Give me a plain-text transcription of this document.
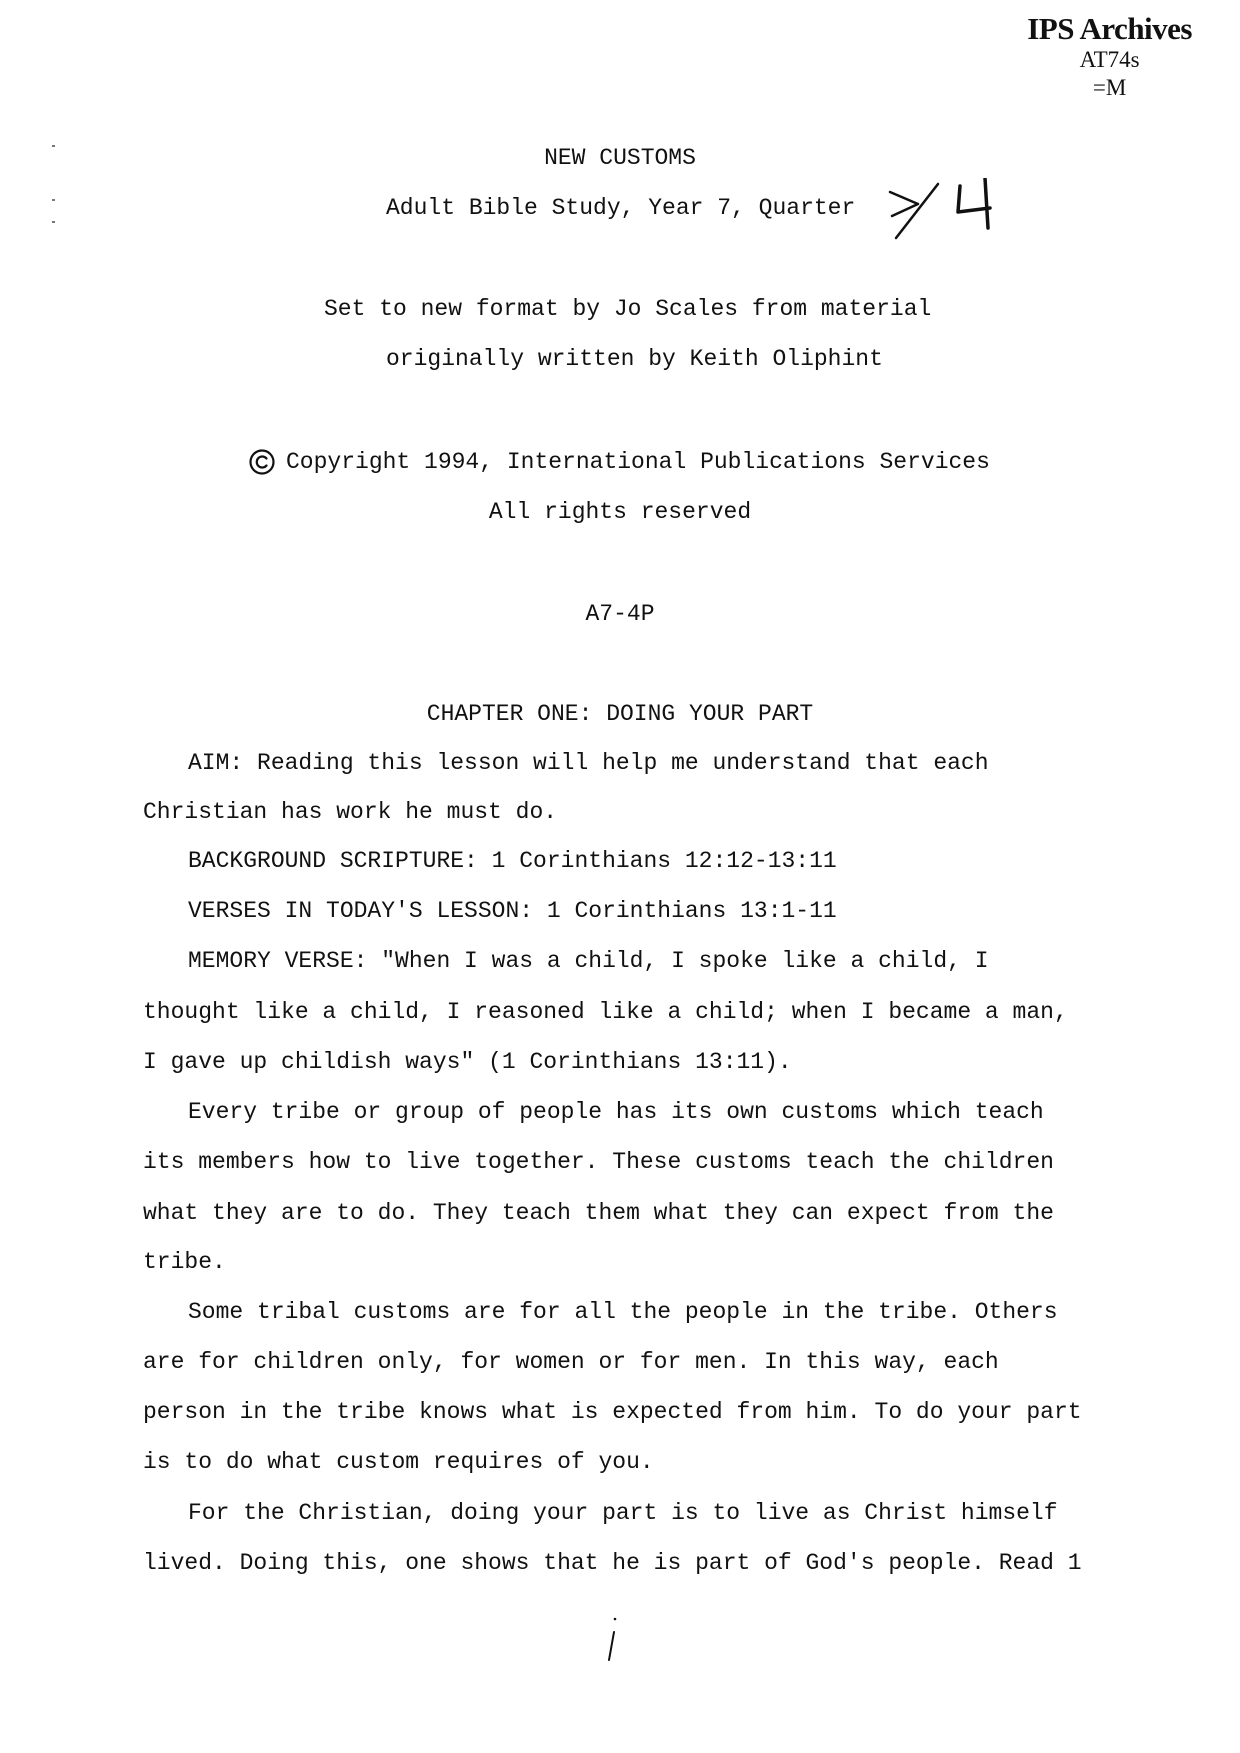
IPS Archives
AT74s
=M
NEW CUSTOMS
Adult Bible Study, Year 7, Quarter
4
Set to new format by Jo Scales from material
originally written by Keith Oliphint
Copyright 1994, International Publications Services
All rights reserved
A7-4P
CHAPTER ONE: DOING YOUR PART
AIM: Reading this lesson will help me understand that each
Christian has work he must do.
BACKGROUND SCRIPTURE: 1 Corinthians 12:12-13:11
VERSES IN TODAY'S LESSON: 1 Corinthians 13:1-11
MEMORY VERSE: "When I was a child, I spoke like a child, I
thought like a child, I reasoned like a child; when I became a man,
I gave up childish ways" (1 Corinthians 13:11).
Every tribe or group of people has its own customs which teach
its members how to live together. These customs teach the children
what they are to do. They teach them what they can expect from the
tribe.
Some tribal customs are for all the people in the tribe. Others
are for children only, for women or for men. In this way, each
person in the tribe knows what is expected from him. To do your part
is to do what custom requires of you.
For the Christian, doing your part is to live as Christ himself
lived. Doing this, one shows that he is part of God's people. Read 1
1
